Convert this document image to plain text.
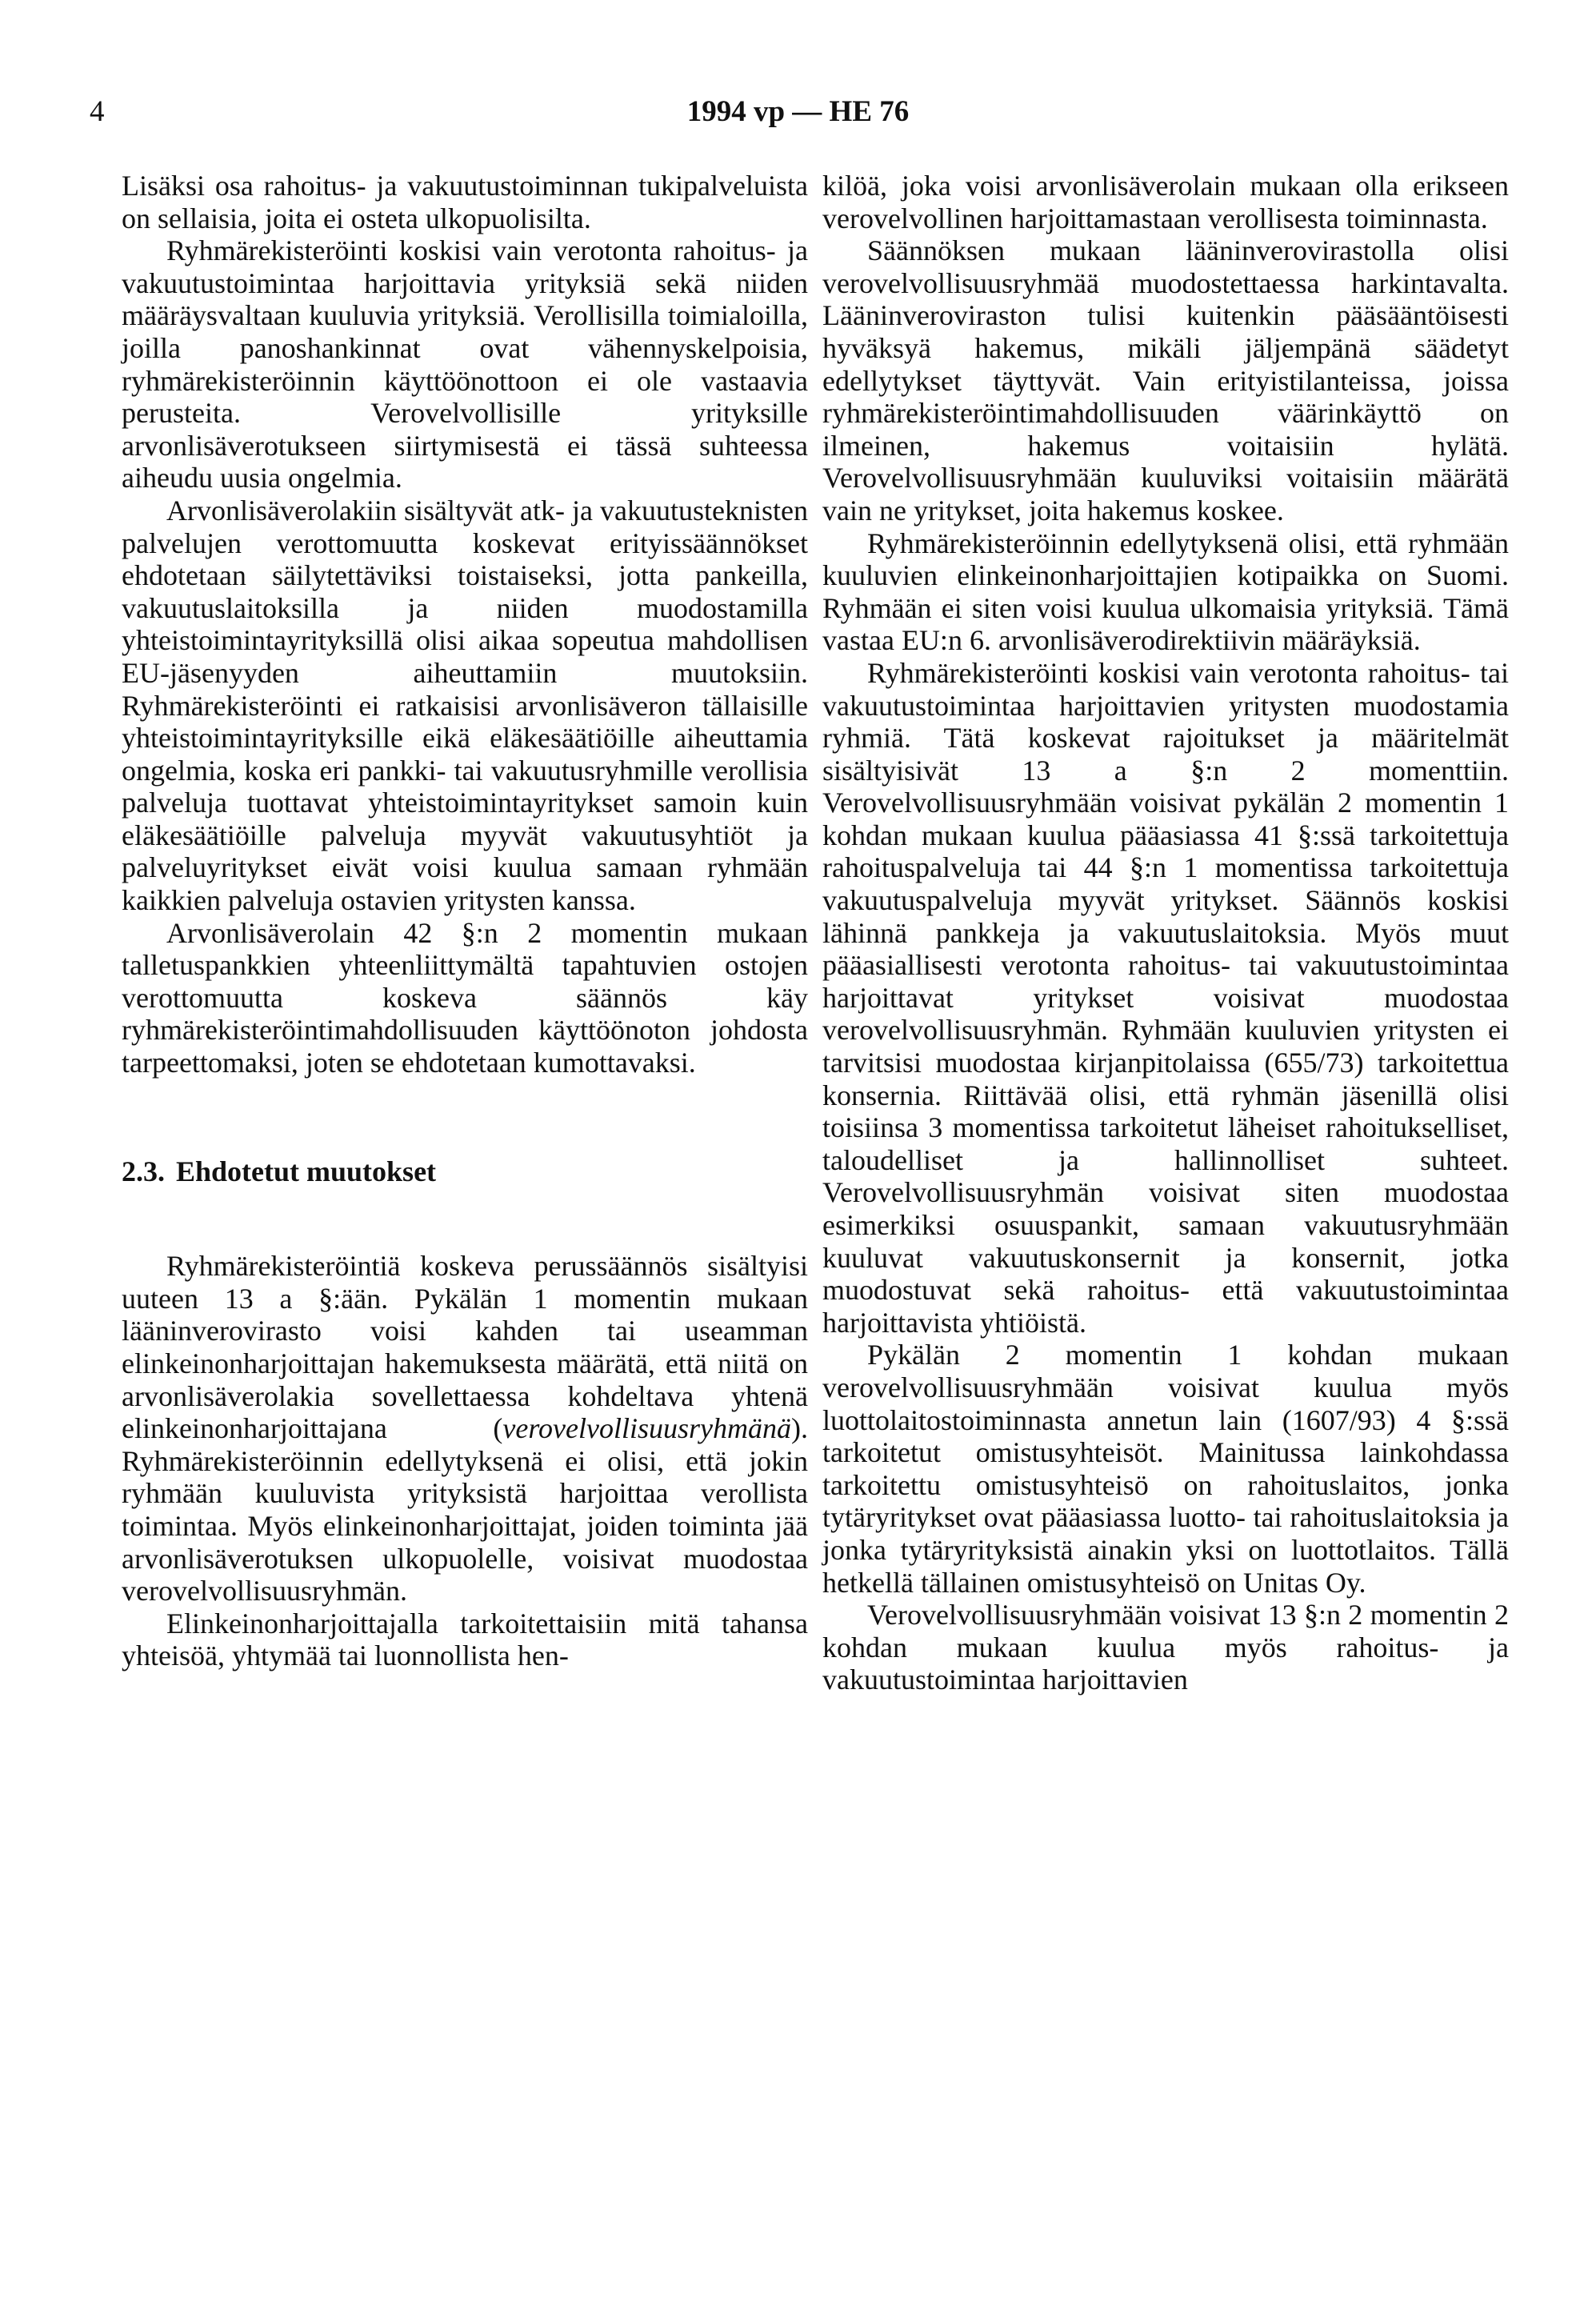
4	1994 vp — HE 76

Lisäksi osa rahoitus- ja vakuutustoiminnan tukipalveluista on sellaisia, joita ei osteta ulkopuolisilta.

Ryhmärekisteröinti koskisi vain verotonta rahoitus- ja vakuutustoimintaa harjoittavia yrityksiä sekä niiden määräysvaltaan kuuluvia yrityksiä. Verollisilla toimialoilla, joilla panoshankinnat ovat vähennyskelpoisia, ryhmärekisteröinnin käyttöönottoon ei ole vastaavia perusteita. Verovelvollisille yrityksille arvonlisäverotukseen siirtymisestä ei tässä suhteessa aiheudu uusia ongelmia.

Arvonlisäverolakiin sisältyvät atk- ja vakuutusteknisten palvelujen verottomuutta koskevat erityissäännökset ehdotetaan säilytettäviksi toistaiseksi, jotta pankeilla, vakuutuslaitoksilla ja niiden muodostamilla yhteistoimintayrityksillä olisi aikaa sopeutua mahdollisen EU-jäsenyyden aiheuttamiin muutoksiin. Ryhmärekisteröinti ei ratkaisisi arvonlisäveron tällaisille yhteistoimintayrityksille eikä eläkesäätiöille aiheuttamia ongelmia, koska eri pankki- tai vakuutusryhmille verollisia palveluja tuottavat yhteistoimintayritykset samoin kuin eläkesäätiöille palveluja myyvät vakuutusyhtiöt ja palveluyritykset eivät voisi kuulua samaan ryhmään kaikkien palveluja ostavien yritysten kanssa.

Arvonlisäverolain 42 §:n 2 momentin mukaan talletuspankkien yhteenliittymältä tapahtuvien ostojen verottomuutta koskeva säännös käy ryhmärekisteröintimahdollisuuden käyttöönoton johdosta tarpeettomaksi, joten se ehdotetaan kumottavaksi.

2.3. Ehdotetut muutokset

Ryhmärekisteröintiä koskeva perussäännös sisältyisi uuteen 13 a §:ään. Pykälän 1 momentin mukaan lääninverovirasto voisi kahden tai useamman elinkeinonharjoittajan hakemuksesta määrätä, että niitä on arvonlisäverolakia sovellettaessa kohdeltava yhtenä elinkeinonharjoittajana (verovelvollisuusryhmänä). Ryhmärekisteröinnin edellytyksenä ei olisi, että jokin ryhmään kuuluvista yrityksistä harjoittaa verollista toimintaa. Myös elinkeinonharjoittajat, joiden toiminta jää arvonlisäverotuksen ulkopuolelle, voisivat muodostaa verovelvollisuusryhmän.

Elinkeinonharjoittajalla tarkoitettaisiin mitä tahansa yhteisöä, yhtymää tai luonnollista hen-

kilöä, joka voisi arvonlisäverolain mukaan olla erikseen verovelvollinen harjoittamastaan verollisesta toiminnasta.

Säännöksen mukaan lääninverovirastolla olisi verovelvollisuusryhmää muodostettaessa harkintavalta. Lääninveroviraston tulisi kuitenkin pääsääntöisesti hyväksyä hakemus, mikäli jäljempänä säädetyt edellytykset täyttyvät. Vain erityistilanteissa, joissa ryhmärekisteröintimahdollisuuden väärinkäyttö on ilmeinen, hakemus voitaisiin hylätä. Verovelvollisuusryhmään kuuluviksi voitaisiin määrätä vain ne yritykset, joita hakemus koskee.

Ryhmärekisteröinnin edellytyksenä olisi, että ryhmään kuuluvien elinkeinonharjoittajien kotipaikka on Suomi. Ryhmään ei siten voisi kuulua ulkomaisia yrityksiä. Tämä vastaa EU:n 6. arvonlisäverodirektiivin määräyksiä.

Ryhmärekisteröinti koskisi vain verotonta rahoitus- tai vakuutustoimintaa harjoittavien yritysten muodostamia ryhmiä. Tätä koskevat rajoitukset ja määritelmät sisältyisivät 13 a §:n 2 momenttiin. Verovelvollisuusryhmään voisivat pykälän 2 momentin 1 kohdan mukaan kuulua pääasiassa 41 §:ssä tarkoitettuja rahoituspalveluja tai 44 §:n 1 momentissa tarkoitettuja vakuutuspalveluja myyvät yritykset. Säännös koskisi lähinnä pankkeja ja vakuutuslaitoksia. Myös muut pääasiallisesti verotonta rahoitus- tai vakuutustoimintaa harjoittavat yritykset voisivat muodostaa verovelvollisuusryhmän. Ryhmään kuuluvien yritysten ei tarvitsisi muodostaa kirjanpitolaissa (655/73) tarkoitettua konsernia. Riittävää olisi, että ryhmän jäsenillä olisi toisiinsa 3 momentissa tarkoitetut läheiset rahoitukselliset, taloudelliset ja hallinnolliset suhteet. Verovelvollisuusryhmän voisivat siten muodostaa esimerkiksi osuuspankit, samaan vakuutusryhmään kuuluvat vakuutuskonsernit ja konsernit, jotka muodostuvat sekä rahoitus- että vakuutustoimintaa harjoittavista yhtiöistä.

Pykälän 2 momentin 1 kohdan mukaan verovelvollisuusryhmään voisivat kuulua myös luottolaitostoiminnasta annetun lain (1607/93) 4 §:ssä tarkoitetut omistusyhteisöt. Mainitussa lainkohdassa tarkoitettu omistusyhteisö on rahoituslaitos, jonka tytäryritykset ovat pääasiassa luotto- tai rahoituslaitoksia ja jonka tytäryrityksistä ainakin yksi on luottotlaitos. Tällä hetkellä tällainen omistusyhteisö on Unitas Oy.

Verovelvollisuusryhmään voisivat 13 §:n 2 momentin 2 kohdan mukaan kuulua myös rahoitus- ja vakuutustoimintaa harjoittavien
